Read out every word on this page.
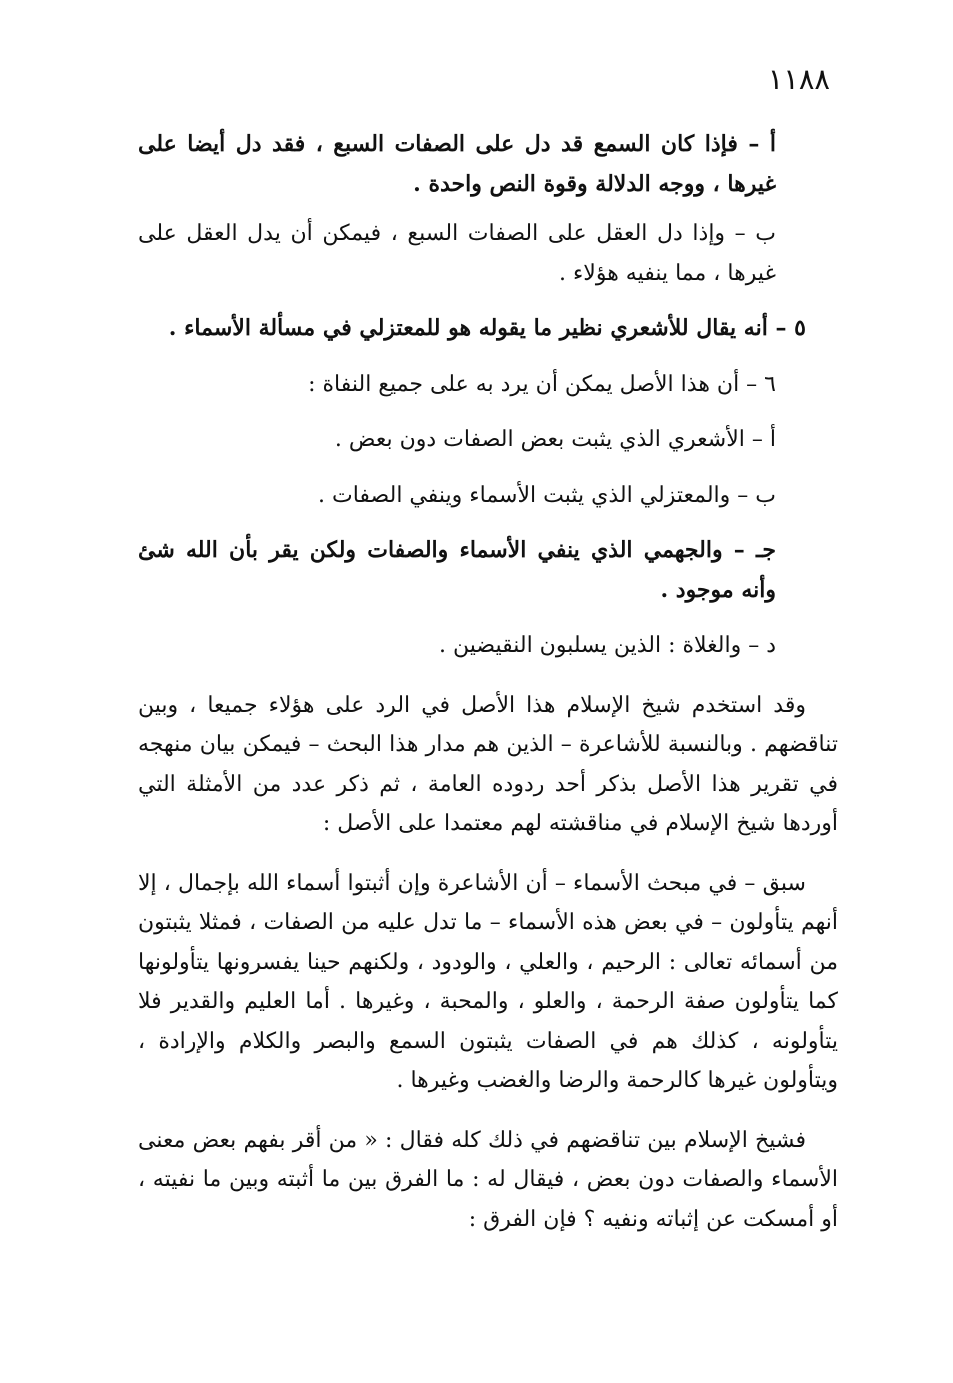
١١٨٨

أ – فإذا كان السمع قد دل على الصفات السبع ، فقد دل أيضا على غيرها ، ووجه الدلالة وقوة النص واحدة .

ب – وإذا دل العقل على الصفات السبع ، فيمكن أن يدل العقل على غيرها ، مما ينفيه هؤلاء .

٥ – أنه يقال للأشعري نظير ما يقوله هو للمعتزلي في مسألة الأسماء .

٦ – أن هذا الأصل يمكن أن يرد به على جميع النفاة :

أ – الأشعري الذي يثبت بعض الصفات دون بعض .

ب – والمعتزلي الذي يثبت الأسماء وينفي الصفات .

جـ – والجهمي الذي ينفي الأسماء والصفات ولكن يقر بأن الله شئ وأنه موجود .

د – والغلاة : الذين يسلبون النقيضين .

وقد استخدم شيخ الإسلام هذا الأصل في الرد على هؤلاء جميعا ، وبين تناقضهم . وبالنسبة للأشاعرة – الذين هم مدار هذا البحث – فيمكن بيان منهجه في تقرير هذا الأصل بذكر أحد ردوده العامة ، ثم ذكر عدد من الأمثلة التي أوردها شيخ الإسلام في مناقشته لهم معتمدا على الأصل :

سبق – في مبحث الأسماء – أن الأشاعرة وإن أثبتوا أسماء الله بإجمال ، إلا أنهم يتأولون – في بعض هذه الأسماء – ما تدل عليه من الصفات ، فمثلا يثبتون من أسمائه تعالى : الرحيم ، والعلي ، والودود ، ولكنهم حينا يفسرونها يتأولونها كما يتأولون صفة الرحمة ، والعلو ، والمحبة ، وغيرها . أما العليم والقدير فلا يتأولونه ، كذلك هم في الصفات يثبتون السمع والبصر والكلام والإرادة ، ويتأولون غيرها كالرحمة والرضا والغضب وغيرها .

فشيخ الإسلام بين تناقضهم في ذلك كله فقال : « من أقر بفهم بعض معنى الأسماء والصفات دون بعض ، فيقال له : ما الفرق بين ما أثبته وبين ما نفيته ، أو أمسكت عن إثباته ونفيه ؟ فإن الفرق :
